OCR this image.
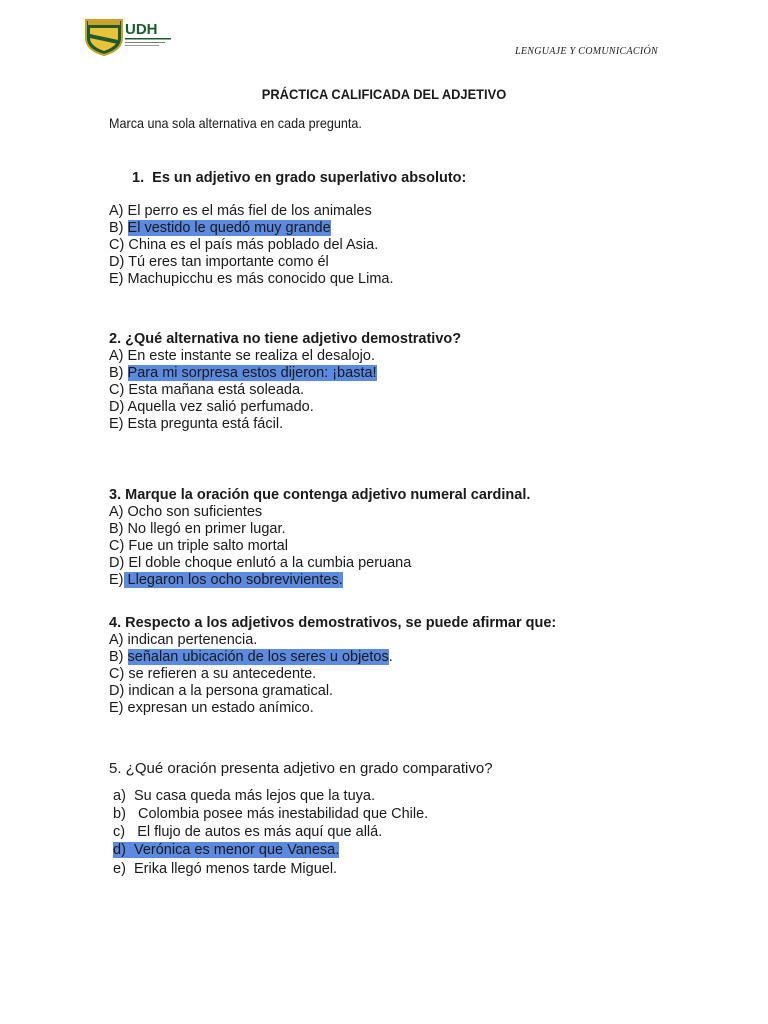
UDH
LENGUAJE Y COMUNICACIÓN
PRÁCTICA CALIFICADA DEL ADJETIVO
Marca una sola alternativa en cada pregunta.
1. Es un adjetivo en grado superlativo absoluto:
A) El perro es el más fiel de los animales
B) El vestido le quedó muy grande
C) China es el país más poblado del Asia.
D) Tú eres tan importante como él
E) Machupicchu es más conocido que Lima.
2. ¿Qué alternativa no tiene adjetivo demostrativo?
A) En este instante se realiza el desalojo.
B) Para mi sorpresa estos dijeron: ¡basta!
C) Esta mañana está soleada.
D) Aquella vez salió perfumado.
E) Esta pregunta está fácil.
3. Marque la oración que contenga adjetivo numeral cardinal.
A) Ocho son suficientes
B) No llegó en primer lugar.
C) Fue un triple salto mortal
D) El doble choque enlutó a la cumbia peruana
E) Llegaron los ocho sobrevivientes.
4. Respecto a los adjetivos demostrativos, se puede afirmar que:
A) indican pertenencia.
B) señalan ubicación de los seres u objetos.
C) se refieren a su antecedente.
D) indican a la persona gramatical.
E) expresan un estado anímico.
5. ¿Qué oración presenta adjetivo en grado comparativo?
a) Su casa queda más lejos que la tuya.
b) Colombia posee más inestabilidad que Chile.
c) El flujo de autos es más aquí que allá.
d) Verónica es menor que Vanesa.
e) Erika llegó menos tarde Miguel.
